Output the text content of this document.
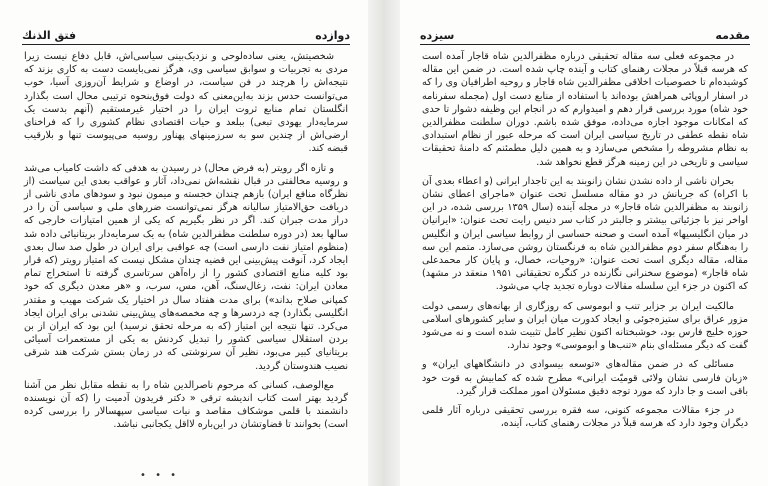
دوازده
فتق الذنك

شخصیتش، یعنی ساده‌لوحی و نزدیک‌بینی سیاسی‌اش، قابل دفاع نیست زیرا مردی به تجربیات و سوابق سیاسی وی، هرگز نمی‌بایست دست به کاری بزند که نتیجه‌اش را هرچند در فن سیاست، در اوضاع و شرایط آن‌روزی آسیا، خوب می‌توانست حدس بزند به‌این‌معنی که دولت فوق‌بنحوه ترتیبی محال است بگذارد انگلستان تمام منابع ثروت ایران را در اختیار غیرمستقیم (آنهم بدست یک سرمایه‌دار یهودی تبعی) ببلعد و حیات اقتصادی نظام کشوری را که فراخنای ارضی‌اش از چندین سو به سرزمینهای پهناور روسیه می‌پیوست تنها و بلارقیب قبضه کند.

و تازه اگر رویتر (به فرض محال) در رسیدن به هدفی که داشت کامیاب می‌شد و روسیه مخالفتی در قبال نقشه‌اش نمی‌داد، آثار و عواقب بعدی این سیاست (از نظرگاه منافع ایران) بازهم چندان خجسته و میمون نبود و سودهای مادی ناشی از دریافت حق‌الامتیاز سالیانه هرگز نمی‌توانست ضررهای ملی و سیاسی آن را در دراز مدت جبران کند. اگر در نظر بگیریم که یکی از همین امتیازات خارجی که سالها بعد (در دوره سلطنت مظفرالدین شاه) به یک سرمایه‌دار بریتانیائی داده شد (منظوم امتیاز نفت دارسی است) چه عواقبی برای ایران در طول صد سال بعدی ایجاد کرد، آنوقت پیش‌بینی این قضیه چندان مشکل نیست که امتیاز رویتر (که قرار بود کلیه منابع اقتصادی کشور را از راه‌آهن سرتاسری گرفته تا استخراج تمام معادن ایران: نفت، زغال‌سنگ، آهن، مس، سرب، و «هر معدن دیگری که خود کمپانی صلاح بداند») برای مدت هفتاد سال در اختیار یک شرکت مهیب و مقتدر انگلیسی بگذارد) چه دردسرها و چه مخمصه‌های پیش‌بینی نشدنی برای ایران ایجاد می‌کرد. تنها نتیجه این امتیاز (که به مرحله تحقق نرسید) این بود که ایران از بن بردن استقلال سیاسی کشور را تبدیل کردنش به یکی از مستعمرات آسیائی بریتانیای کبیر می‌بود، نظیر آن سرنوشتی که در زمان بستن شرکت هند شرقی نصیب هندوستان گردید.

مع‌الوصف، کسانی که مرحوم ناصرالدین شاه را به نقطه مقابل نظر من آشنا گردید بهتر است کتاب اندیشه ترقی « دکتر فریدون آدمیت را (که آن نویسنده دانشمند با قلمی موشکاف مقاصد و نیات سیاسی سپهسالار را بررسی کرده است) بخوانند تا قضاوتشان در این‌باره لااقل یکجانبی نباشد.

• • •
مقدمه
سیزده

در مجموعه فعلی سه مقاله تحقیقی درباره مظفرالدین شاه قاجار آمده است که هرسه قبلاً در مجلات رهنمای کتاب و آینده چاپ شده است. در ضمن این مقاله کوشیده‌ام تا خصوصیات اخلاقی مظفرالدین شاه قاجار و روحیه اطرافیان وی را که در اسفار اروپائی همراهش بوده‌اند با استفاده از منابع دست اول (مجمله سفرنامه خود شاه) مورد بررسی قرار دهم و امیدوارم که در انجام این وظیفه دشوار تا حدی که امکانات موجود اجازه می‌داده، موفق شده باشم. دوران سلطنت مظفرالدین شاه نقطه عطفی در تاریخ سیاسی ایران است که مرحله عبور از نظام استبدادی به نظام مشروطه را مشخص می‌سازد و به همین دلیل مطمئنم که دامنهٔ تحقیقات سیاسی و تاریخی در این زمینه هرگز قطع نخواهد شد.

بحران ناشی از داده نشدن نشان زانوبند به این تاجدار ایرانی (و اعطاء بعدی آن با اکراه) که جریانش در دو مقاله مسلسل تحت عنوان «ماجرای اعطای نشان زانوبند به مظفرالدین شاه قاجار» در مجله آینده (سال ۱۳۵۹ بررسی شده، در این اواخر نیز با جزئیاتی بیشتر و جالبتر در کتاب سر دنیس رایت تحت عنوان: «ایرانیان در میان انگلیسیها» آمده است و صحنه حساسی از روابط سیاسی ایران و انگلیس را به‌هنگام سفر دوم مظفرالدین شاه به فرنگستان روشن می‌سازد. متمم این سه مقاله، مقاله دیگری است تحت عنوان: «روحیات، خصال، و پایان کار محمدعلی شاه قاجار» (موضوع سخنرانی نگارنده در کنگره تحقیقاتی ۱۹۵۱ منعقد در مشهد) که اکنون در جزء این سلسله مقالات دوباره تجدید چاپ می‌شود.

مالکیت ایران بر جزایر تنب و ابوموسی که روزگاری از بهانه‌های رسمی دولت مزور عراق برای ستیزه‌جوئی و ایجاد کدورت میان ایران و سایر کشورهای اسلامی حوزه خلیج فارس بود، خوشبختانه اکنون نظیر کامل تثبیت شده است و نه می‌شود گفت که دیگر مسئله‌ای بنام «تنب‌ها و ابوموسی» وجود ندارد.

مسائلی که در ضمن مقاله‌های «توسعه بیسوادی در دانشگاههای ایران» و «زبان فارسی نشان ولائی قومیّت ایرانی» مطرح شده که کمابیش به قوت خود باقی است و جا دارد که مورد توجه دقیق مسئولان امور مملکت قرار گیرد.

در جزء مقالات مجموعه کنونی، سه فقره بررسی تحقیقی درباره آثار قلمی دیگران وجود دارد که هرسه قبلاً در مجلات رهنمای کتاب، آینده،
